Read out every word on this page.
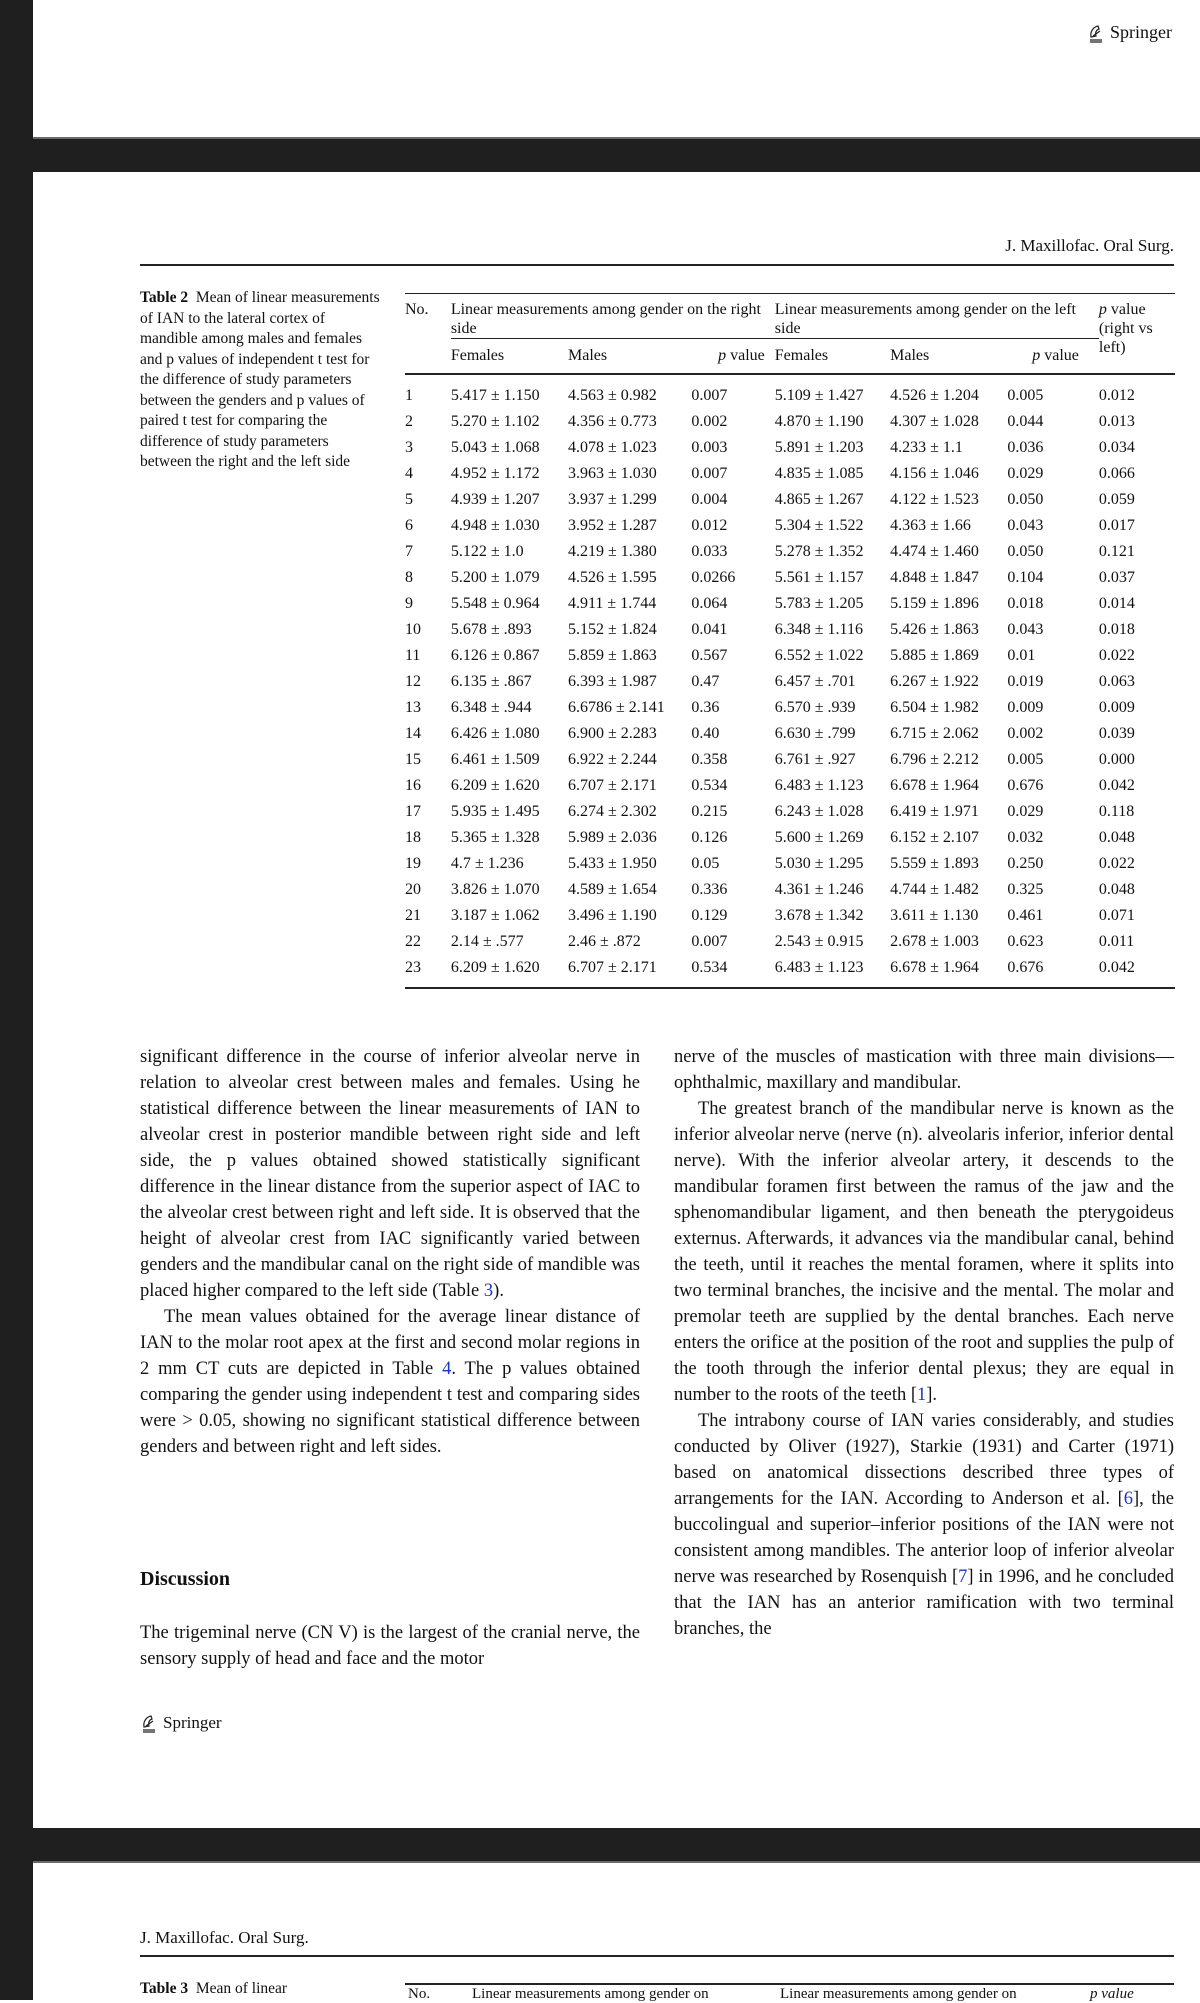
Springer
J. Maxillofac. Oral Surg.
Table 2 Mean of linear measurements of IAN to the lateral cortex of mandible among males and females and p values of independent t test for the difference of study parameters between the genders and p values of paired t test for comparing the difference of study parameters between the right and the left side
No.	Linear measurements among gender on the right side			Linear measurements among gender on the left side			p value (right vs left)
	Females	Males	p value	Females	Males	p value	
1	5.417 ± 1.150	4.563 ± 0.982	0.007	5.109 ± 1.427	4.526 ± 1.204	0.005	0.012
2	5.270 ± 1.102	4.356 ± 0.773	0.002	4.870 ± 1.190	4.307 ± 1.028	0.044	0.013
3	5.043 ± 1.068	4.078 ± 1.023	0.003	5.891 ± 1.203	4.233 ± 1.1	0.036	0.034
4	4.952 ± 1.172	3.963 ± 1.030	0.007	4.835 ± 1.085	4.156 ± 1.046	0.029	0.066
5	4.939 ± 1.207	3.937 ± 1.299	0.004	4.865 ± 1.267	4.122 ± 1.523	0.050	0.059
6	4.948 ± 1.030	3.952 ± 1.287	0.012	5.304 ± 1.522	4.363 ± 1.66	0.043	0.017
7	5.122 ± 1.0	4.219 ± 1.380	0.033	5.278 ± 1.352	4.474 ± 1.460	0.050	0.121
8	5.200 ± 1.079	4.526 ± 1.595	0.0266	5.561 ± 1.157	4.848 ± 1.847	0.104	0.037
9	5.548 ± 0.964	4.911 ± 1.744	0.064	5.783 ± 1.205	5.159 ± 1.896	0.018	0.014
10	5.678 ± .893	5.152 ± 1.824	0.041	6.348 ± 1.116	5.426 ± 1.863	0.043	0.018
11	6.126 ± 0.867	5.859 ± 1.863	0.567	6.552 ± 1.022	5.885 ± 1.869	0.01	0.022
12	6.135 ± .867	6.393 ± 1.987	0.47	6.457 ± .701	6.267 ± 1.922	0.019	0.063
13	6.348 ± .944	6.6786 ± 2.141	0.36	6.570 ± .939	6.504 ± 1.982	0.009	0.009
14	6.426 ± 1.080	6.900 ± 2.283	0.40	6.630 ± .799	6.715 ± 2.062	0.002	0.039
15	6.461 ± 1.509	6.922 ± 2.244	0.358	6.761 ± .927	6.796 ± 2.212	0.005	0.000
16	6.209 ± 1.620	6.707 ± 2.171	0.534	6.483 ± 1.123	6.678 ± 1.964	0.676	0.042
17	5.935 ± 1.495	6.274 ± 2.302	0.215	6.243 ± 1.028	6.419 ± 1.971	0.029	0.118
18	5.365 ± 1.328	5.989 ± 2.036	0.126	5.600 ± 1.269	6.152 ± 2.107	0.032	0.048
19	4.7 ± 1.236	5.433 ± 1.950	0.05	5.030 ± 1.295	5.559 ± 1.893	0.250	0.022
20	3.826 ± 1.070	4.589 ± 1.654	0.336	4.361 ± 1.246	4.744 ± 1.482	0.325	0.048
21	3.187 ± 1.062	3.496 ± 1.190	0.129	3.678 ± 1.342	3.611 ± 1.130	0.461	0.071
22	2.14 ± .577	2.46 ± .872	0.007	2.543 ± 0.915	2.678 ± 1.003	0.623	0.011
23	6.209 ± 1.620	6.707 ± 2.171	0.534	6.483 ± 1.123	6.678 ± 1.964	0.676	0.042

significant difference in the course of inferior alveolar nerve in relation to alveolar crest between males and females. Using he statistical difference between the linear measurements of IAN to alveolar crest in posterior mandible between right side and left side, the p values obtained showed statistically significant difference in the linear distance from the superior aspect of IAC to the alveolar crest between right and left side. It is observed that the height of alveolar crest from IAC significantly varied between genders and the mandibular canal on the right side of mandible was placed higher compared to the left side (Table 3).

The mean values obtained for the average linear distance of IAN to the molar root apex at the first and second molar regions in 2 mm CT cuts are depicted in Table 4. The p values obtained comparing the gender using independent t test and comparing sides were ˃ 0.05, showing no significant statistical difference between genders and between right and left sides.

Discussion

The trigeminal nerve (CN V) is the largest of the cranial nerve, the sensory supply of head and face and the motor

nerve of the muscles of mastication with three main divisions—ophthalmic, maxillary and mandibular.

The greatest branch of the mandibular nerve is known as the inferior alveolar nerve (nerve (n). alveolaris inferior, inferior dental nerve). With the inferior alveolar artery, it descends to the mandibular foramen first between the ramus of the jaw and the sphenomandibular ligament, and then beneath the pterygoideus externus. Afterwards, it advances via the mandibular canal, behind the teeth, until it reaches the mental foramen, where it splits into two terminal branches, the incisive and the mental. The molar and premolar teeth are supplied by the dental branches. Each nerve enters the orifice at the position of the root and supplies the pulp of the tooth through the inferior dental plexus; they are equal in number to the roots of the teeth [1].

The intrabony course of IAN varies considerably, and studies conducted by Oliver (1927), Starkie (1931) and Carter (1971) based on anatomical dissections described three types of arrangements for the IAN. According to Anderson et al. [6], the buccolingual and superior–inferior positions of the IAN were not consistent among mandibles. The anterior loop of inferior alveolar nerve was researched by Rosenquish [7] in 1996, and he concluded that the IAN has an anterior ramification with two terminal branches, the

Springer
J. Maxillofac. Oral Surg.
Table 3 Mean of linear	No.	Linear measurements among gender on	Linear measurements among gender on	p value
